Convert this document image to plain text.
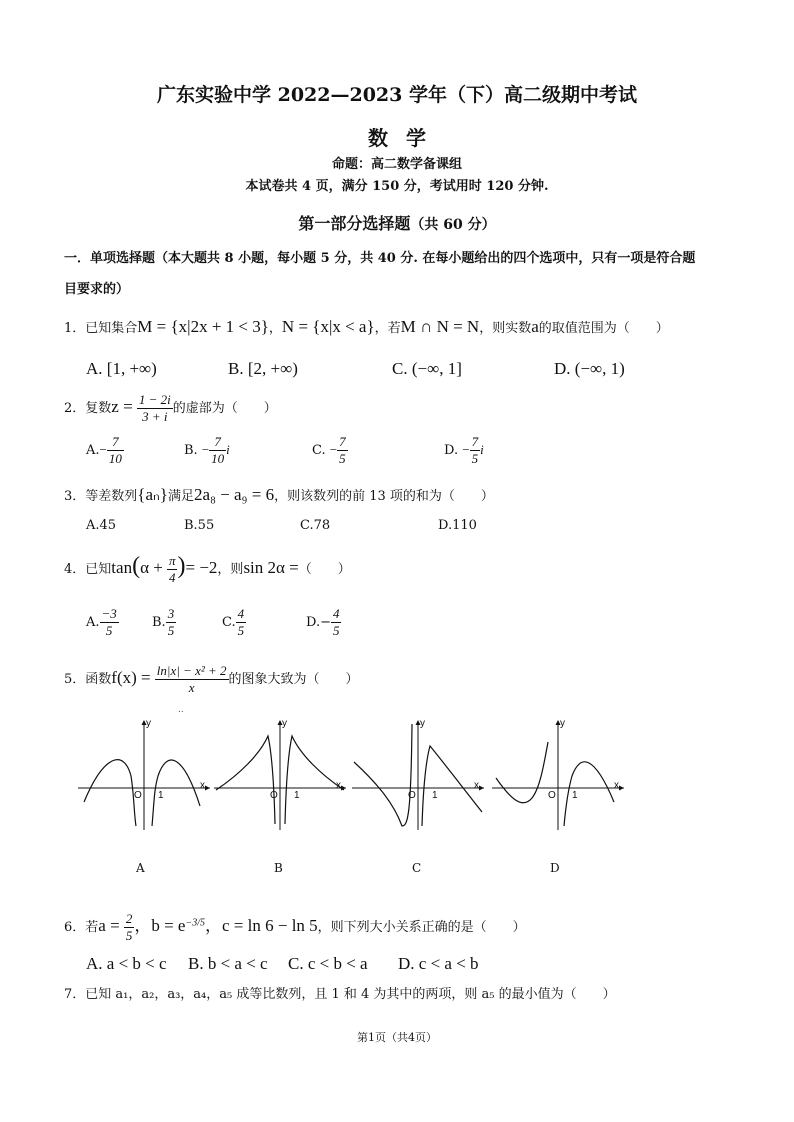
广东实验中学 2022—2023 学年（下）高二级期中考试
数学
命题：高二数学备课组
本试卷共 4 页，满分 150 分，考试用时 120 分钟.
第一部分选择题（共 60 分）
一．单项选择题（本大题共 8 小题，每小题 5 分，共 40 分. 在每小题给出的四个选项中，只有一项是符合题
目要求的）
1．已知集合M = {x|2x + 1 < 3}，N = {x|x < a}，若M ∩ N = N，则实数a的取值范围为（　　）
A. [1, +∞)	B. [2, +∞)	C. (−∞, 1]	D. (−∞, 1)
2．复数$z = \frac{1 - 2i}{3 + i}$ 的虚部为（　　）
$A.- \frac{7}{10}$	B. − $\frac{7}{10}$ i	C. − $\frac{7}{5}$	D. − $\frac{7}{5}$ i
3．等差数列{aₙ}满足2a₈ − a₉ = 6，则该数列的前 13 项的和为（　　）
A.45	B.55	C.78	D.110
4．已知$\tan(\alpha + \frac{\pi}{4}$ )= −2，则sin 2α =（　　）
A. $\frac{-3}{5}$	B. $\frac{3}{5}$	C. $\frac{4}{5}$	$D.- \frac{4}{5}$
5．函数$f(x) = \frac{\text{ln|x| − x² + 2}}{x}$ 的图象大致为（　　）
..
y
x
O 1
A
y
x
O 1
B
y
x
O 1
C
y
x
O 1
D
6．若$a = \frac{2}{5}$ ，$b = e^{-3/5}$，c = ln 6 − ln 5，则下列大小关系正确的是（　　）
A. a < b < c B. b < a < c C. c < b < a D. c < a < b
7．已知 a₁，a₂，a₃，a₄，a₅ 成等比数列，且 1 和 4 为其中的两项，则 a₅ 的最小值为（　　）
第1页（共4页）
